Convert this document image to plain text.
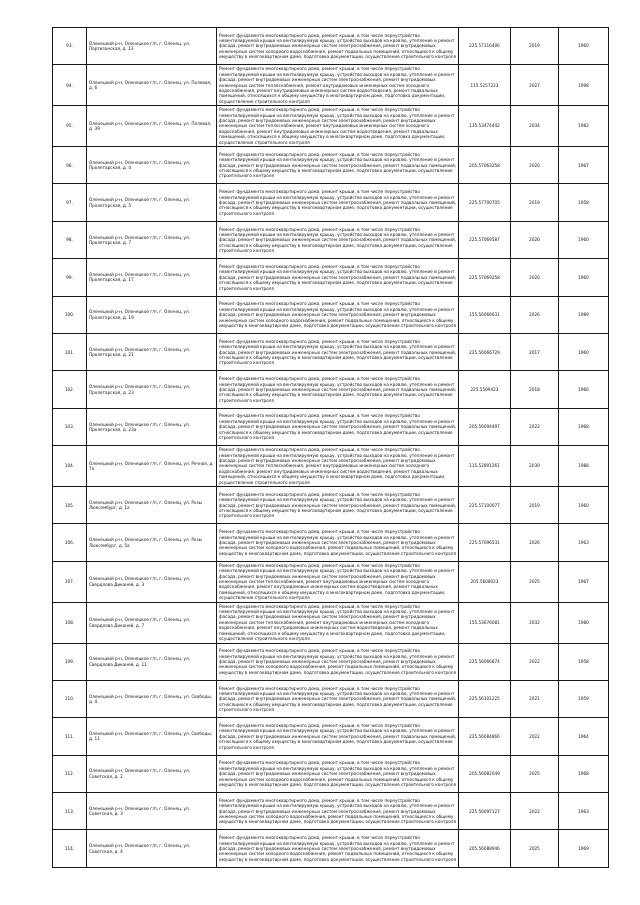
93.	Оленецкий р-н, Оленецкое г/п, г. Оленец, ул. Партизанская, д. 13	Ремонт фундамента многоквартирного дома, ремонт крыши, в том числе переустройство невентилируемой крыши на вентилируемую крышу, устройство выходов на кровлю, утепление и ремонт фасада, ремонт внутридомовых инженерных систем электроснабжения, ремонт внутридомовых инженерных систем холодного водоснабжения, ремонт подвальных помещений, относящихся к общему имуществу в многоквартирном доме, подготовка документации, осуществление строительного контроля	225.57116406	2019	1960
94.	Оленецкий р-н, Оленецкое г/п, г. Оленец, ул. Полевая, д. 6	Ремонт фундамента многоквартирного дома, ремонт крыши, в том числе переустройство невентилируемой крыши на вентилируемую крышу, устройство выходов на кровлю, утепление и ремонт фасада, ремонт внутридомовых инженерных систем электроснабжения, ремонт внутридомовых инженерных систем теплоснабжения, ремонт внутридомовых инженерных систем холодного водоснабжения, ремонт внутридомовых инженерных систем водоотведения, ремонт подвальных помещений, относящихся к общему имуществу в многоквартирном доме, подготовка документации, осуществление строительного контроля	115.5257223	2027	1998
95.	Оленецкий р-н, Оленецкое г/п, г. Оленец, ул. Полевая, д. 39	Ремонт фундамента многоквартирного дома, ремонт крыши, в том числе переустройство невентилируемой крыши на вентилируемую крышу, устройство выходов на кровлю, утепление и ремонт фасада, ремонт внутридомовых инженерных систем электроснабжения, ремонт внутридомовых инженерных систем теплоснабжения, ремонт внутридомовых инженерных систем холодного водоснабжения, ремонт внутридомовых инженерных систем водоотведения, ремонт подвальных помещений, относящихся к общему имуществу в многоквартирном доме, подготовка документации, осуществление строительного контроля	135.53474442	2034	1982
96.	Оленецкий р-н, Оленецкое г/п, г. Оленец, ул. Пролетарская, д. 4	Ремонт фундамента многоквартирного дома, ремонт крыши, в том числе переустройство невентилируемой крыши на вентилируемую крышу, устройство выходов на кровлю, утепление и ремонт фасада, ремонт внутридомовых инженерных систем электроснабжения, ремонт подвальных помещений, относящихся к общему имуществу в многоквартирном доме, подготовка документации, осуществление строительного контроля	205.57063258	2020	1967
97.	Оленецкий р-н, Оленецкое г/п, г. Оленец, ул. Пролетарская, д. 5	Ремонт фундамента многоквартирного дома, ремонт крыши, в том числе переустройство невентилируемой крыши на вентилируемую крышу, устройство выходов на кровлю, утепление и ремонт фасада, ремонт внутридомовых инженерных систем электроснабжения, ремонт подвальных помещений, относящихся к общему имуществу в многоквартирном доме, подготовка документации, осуществление строительного контроля	225.57700705	2019	1958
98.	Оленецкий р-н, Оленецкое г/п, г. Оленец, ул. Пролетарская, д. 7	Ремонт фундамента многоквартирного дома, ремонт крыши, в том числе переустройство невентилируемой крыши на вентилируемую крышу, устройство выходов на кровлю, утепление и ремонт фасада, ремонт внутридомовых инженерных систем электроснабжения, ремонт подвальных помещений, относящихся к общему имуществу в многоквартирном доме, подготовка документации, осуществление строительного контроля	225.57069587	2020	1960
99.	Оленецкий р-н, Оленецкое г/п, г. Оленец, ул. Пролетарская, д. 17	Ремонт фундамента многоквартирного дома, ремонт крыши, в том числе переустройство невентилируемой крыши на вентилируемую крышу, устройство выходов на кровлю, утепление и ремонт фасада, ремонт внутридомовых инженерных систем электроснабжения, ремонт подвальных помещений, относящихся к общему имуществу в многоквартирном доме, подготовка документации, осуществление строительного контроля	225.57069258	2020	1960
100.	Оленецкий р-н, Оленецкое г/п, г. Оленец, ул. Пролетарская, д. 19	Ремонт фундамента многоквартирного дома, ремонт крыши, в том числе переустройство невентилируемой крыши на вентилируемую крышу, устройство выходов на кровлю, утепление и ремонт фасада, ремонт внутридомовых инженерных систем электроснабжения, ремонт внутридомовых инженерных систем холодного водоснабжения, ремонт подвальных помещений, относящихся к общему имуществу в многоквартирном доме, подготовка документации, осуществление строительного контроля	155.56066631	2026	1989
101.	Оленецкий р-н, Оленецкое г/п, г. Оленец, ул. Пролетарская, д. 21	Ремонт фундамента многоквартирного дома, ремонт крыши, в том числе переустройство невентилируемой крыши на вентилируемую крышу, устройство выходов на кровлю, утепление и ремонт фасада, ремонт внутридомовых инженерных систем электроснабжения, ремонт подвальных помещений, относящихся к общему имуществу в многоквартирном доме, подготовка документации, осуществление строительного контроля	225.56066729	2017	1960
102.	Оленецкий р-н, Оленецкое г/п, г. Оленец, ул. Пролетарская, д. 23	Ремонт фундамента многоквартирного дома, ремонт крыши, в том числе переустройство невентилируемой крыши на вентилируемую крышу, устройство выходов на кровлю, утепление и ремонт фасада, ремонт внутридомовых инженерных систем электроснабжения, ремонт подвальных помещений, относящихся к общему имуществу в многоквартирном доме, подготовка документации, осуществление строительного контроля	225.5509423	2018	1966
103.	Оленецкий р-н, Оленецкое г/п, г. Оленец, ул. Пролетарская, д. 23а	Ремонт фундамента многоквартирного дома, ремонт крыши, в том числе переустройство невентилируемой крыши на вентилируемую крышу, устройство выходов на кровлю, утепление и ремонт фасада, ремонт внутридомовых инженерных систем электроснабжения, ремонт подвальных помещений, относящихся к общему имуществу в многоквартирном доме, подготовка документации, осуществление строительного контроля	205.56094497	2022	1968
104.	Оленецкий р-н, Оленецкое г/п, г. Оленец, ул. Речная, д. 7а	Ремонт фундамента многоквартирного дома, ремонт крыши, в том числе переустройство невентилируемой крыши на вентилируемую крышу, устройство выходов на кровлю, утепление и ремонт фасада, ремонт внутридомовых инженерных систем электроснабжения, ремонт внутридомовых инженерных систем теплоснабжения, ремонт внутридомовых инженерных систем холодного водоснабжения, ремонт внутридомовых инженерных систем водоотведения, ремонт подвальных помещений, относящихся к общему имуществу в многоквартирном доме, подготовка документации, осуществление строительного контроля	115.52891261	2030	1988
105.	Оленецкий р-н, Оленецкое г/п, г. Оленец, ул. Розы Люксембург, д. 1а	Ремонт фундамента многоквартирного дома, ремонт крыши, в том числе переустройство невентилируемой крыши на вентилируемую крышу, устройство выходов на кровлю, утепление и ремонт фасада, ремонт внутридомовых инженерных систем электроснабжения, ремонт подвальных помещений, относящихся к общему имуществу в многоквартирном доме, подготовка документации, осуществление строительного контроля	225.57100077	2019	1960
106.	Оленецкий р-н, Оленецкое г/п, г. Оленец, ул. Розы Люксембург, д. 5а	Ремонт фундамента многоквартирного дома, ремонт крыши, в том числе переустройство невентилируемой крыши на вентилируемую крышу, устройство выходов на кровлю, утепление и ремонт фасада, ремонт внутридомовых инженерных систем электроснабжения, ремонт внутридомовых инженерных систем холодного водоснабжения, ремонт подвальных помещений, относящихся к общему имуществу в многоквартирном доме, подготовка документации, осуществление строительного контроля	225.57096531	2026	1963
107.	Оленецкий р-н, Оленецкое г/п, г. Оленец, ул. Свердлова Диканей, д. 3	Ремонт фундамента многоквартирного дома, ремонт крыши, в том числе переустройство невентилируемой крыши на вентилируемую крышу, устройство выходов на кровлю, утепление и ремонт фасада, ремонт внутридомовых инженерных систем электроснабжения, ремонт внутридомовых инженерных систем теплоснабжения, ремонт внутридомовых инженерных систем холодного водоснабжения, ремонт внутридомовых инженерных систем водоотведения, ремонт подвальных помещений, относящихся к общему имуществу в многоквартирном доме, подготовка документации, осуществление строительного контроля	205.5608023	2025	1967
108.	Оленецкий р-н, Оленецкое г/п, г. Оленец, ул. Свердлова Диканей, д. 7	Ремонт фундамента многоквартирного дома, ремонт крыши, в том числе переустройство невентилируемой крыши на вентилируемую крышу, устройство выходов на кровлю, утепление и ремонт фасада, ремонт внутридомовых инженерных систем электроснабжения, ремонт внутридомовых инженерных систем теплоснабжения, ремонт внутридомовых инженерных систем холодного водоснабжения, ремонт внутридомовых инженерных систем водоотведения, ремонт подвальных помещений, относящихся к общему имуществу в многоквартирном доме, подготовка документации, осуществление строительного контроля	155.53676081	2032	1980
109.	Оленецкий р-н, Оленецкое г/п, г. Оленец, ул. Свердлова Диканей, д. 11	Ремонт фундамента многоквартирного дома, ремонт крыши, в том числе переустройство невентилируемой крыши на вентилируемую крышу, устройство выходов на кровлю, утепление и ремонт фасада, ремонт внутридомовых инженерных систем электроснабжения, ремонт внутридомовых инженерных систем холодного водоснабжения, ремонт подвальных помещений, относящихся к общему имуществу в многоквартирном доме, подготовка документации, осуществление строительного контроля	225.56066874	2022	1958
110.	Оленецкий р-н, Оленецкое г/п, г. Оленец, ул. Свободы, д. 4	Ремонт фундамента многоквартирного дома, ремонт крыши, в том числе переустройство невентилируемой крыши на вентилируемую крышу, устройство выходов на кровлю, утепление и ремонт фасада, ремонт внутридомовых инженерных систем электроснабжения, ремонт подвальных помещений, относящихся к общему имуществу в многоквартирном доме, подготовка документации, осуществление строительного контроля	225.56101225	2021	1959
111.	Оленецкий р-н, Оленецкое г/п, г. Оленец, ул. Свободы, д. 11	Ремонт фундамента многоквартирного дома, ремонт крыши, в том числе переустройство невентилируемой крыши на вентилируемую крышу, устройство выходов на кровлю, утепление и ремонт фасада, ремонт внутридомовых инженерных систем электроснабжения, ремонт подвальных помещений, относящихся к общему имуществу в многоквартирном доме, подготовка документации, осуществление строительного контроля	225.56084866	2022	1964
112.	Оленецкий р-н, Оленецкое г/п, г. Оленец, ул. Советская, д. 2	Ремонт фундамента многоквартирного дома, ремонт крыши, в том числе переустройство невентилируемой крыши на вентилируемую крышу, устройство выходов на кровлю, утепление и ремонт фасада, ремонт внутридомовых инженерных систем электроснабжения, ремонт внутридомовых инженерных систем холодного водоснабжения, ремонт подвальных помещений, относящихся к общему имуществу в многоквартирном доме, подготовка документации, осуществление строительного контроля	205.56082049	2025	1968
113.	Оленецкий р-н, Оленецкое г/п, г. Оленец, ул. Советская, д. 3	Ремонт фундамента многоквартирного дома, ремонт крыши, в том числе переустройство невентилируемой крыши на вентилируемую крышу, устройство выходов на кровлю, утепление и ремонт фасада, ремонт внутридомовых инженерных систем электроснабжения, ремонт внутридомовых инженерных систем холодного водоснабжения, ремонт подвальных помещений, относящихся к общему имуществу в многоквартирном доме, подготовка документации, осуществление строительного контроля	225.56097127	2022	1963
114.	Оленецкий р-н, Оленецкое г/п, г. Оленец, ул. Советская, д. 4	Ремонт фундамента многоквартирного дома, ремонт крыши, в том числе переустройство невентилируемой крыши на вентилируемую крышу, устройство выходов на кровлю, утепление и ремонт фасада, ремонт внутридомовых инженерных систем электроснабжения, ремонт внутридомовых инженерных систем холодного водоснабжения, ремонт подвальных помещений, относящихся к общему имуществу в многоквартирном доме, подготовка документации, осуществление строительного контроля	205.56088946	2025	1969
